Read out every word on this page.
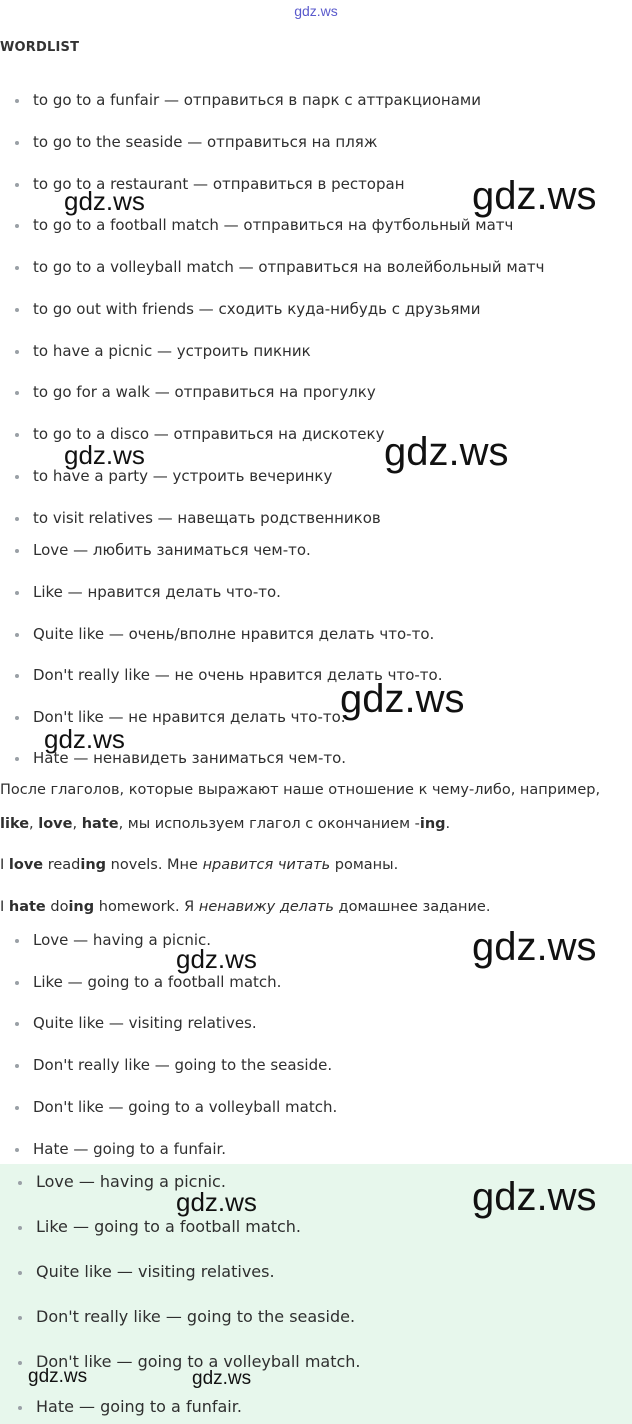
gdz.ws
WORDLIST
to go to a funfair — отправиться в парк с аттракционами
to go to the seaside — отправиться на пляж
to go to a restaurant — отправиться в ресторан
to go to a football match — отправиться на футбольный матч
to go to a volleyball match — отправиться на волейбольный матч
to go out with friends — сходить куда-нибудь с друзьями
to have a picnic — устроить пикник
to go for a walk — отправиться на прогулку
to go to a disco — отправиться на дискотеку
to have a party — устроить вечеринку
to visit relatives — навещать родственников
Love — любить заниматься чем-то.
Like — нравится делать что-то.
Quite like — очень/вполне нравится делать что-то.
Don't really like — не очень нравится делать что-то.
Don't like — не нравится делать что-то.
Hate — ненавидеть заниматься чем-то.
После глаголов, которые выражают наше отношение к чему-либо, например,
like, love, hate, мы используем глагол с окончанием -ing.
I love reading novels. Мне нравится читать романы.
I hate doing homework. Я ненавижу делать домашнее задание.
Love — having a picnic.
Like — going to a football match.
Quite like — visiting relatives.
Don't really like — going to the seaside.
Don't like — going to a volleyball match.
Hate — going to a funfair.
Love — having a picnic.
Like — going to a football match.
Quite like — visiting relatives.
Don't really like — going to the seaside.
Don't like — going to a volleyball match.
Hate — going to a funfair.
gdz.ws
gdz.ws
gdz.ws
gdz.ws
gdz.ws
gdz.ws
gdz.ws
gdz.ws
gdz.ws
gdz.ws
gdz.ws	gdz.ws
